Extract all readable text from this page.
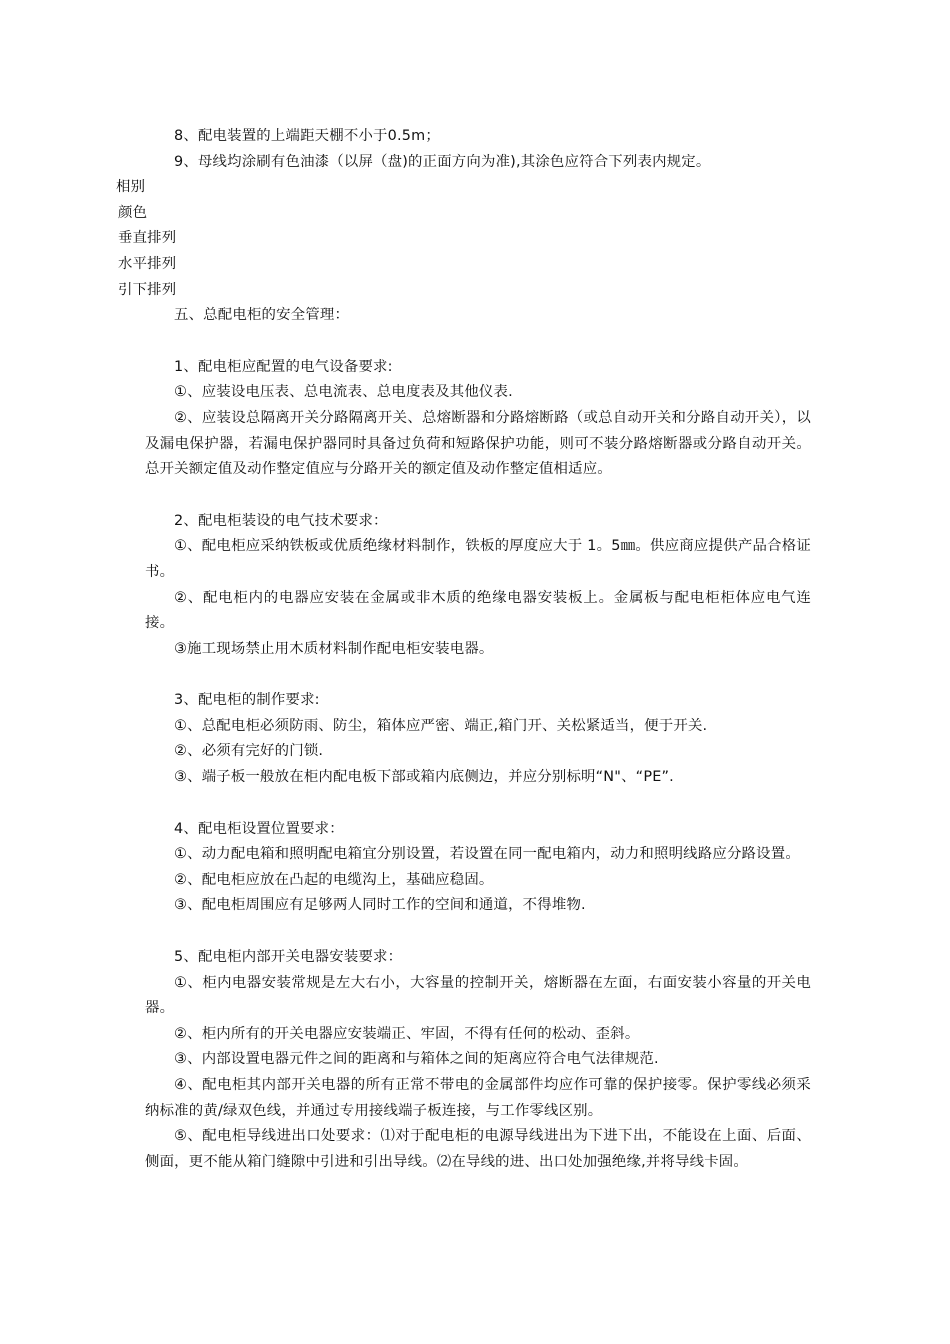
8、配电装置的上端距天棚不小于0.5m；

9、母线均涂刷有色油漆（以屏（盘)的正面方向为准),其涂色应符合下列表内规定。

相别

颜色

垂直排列

水平排列

引下排列

五、总配电柜的安全管理：

1、配电柜应配置的电气设备要求:

①、应装设电压表、总电流表、总电度表及其他仪表.

②、应装设总隔离开关分路隔离开关、总熔断器和分路熔断路（或总自动开关和分路自动开关），以及漏电保护器，若漏电保护器同时具备过负荷和短路保护功能，则可不装分路熔断器或分路自动开关。总开关额定值及动作整定值应与分路开关的额定值及动作整定值相适应。

2、配电柜装设的电气技术要求：

①、配电柜应采纳铁板或优质绝缘材料制作，铁板的厚度应大于 1。5㎜。供应商应提供产品合格证书。

②、配电柜内的电器应安装在金属或非木质的绝缘电器安装板上。金属板与配电柜柜体应电气连接。

③施工现场禁止用木质材料制作配电柜安装电器。

3、配电柜的制作要求:

①、总配电柜必须防雨、防尘，箱体应严密、端正,箱门开、关松紧适当，便于开关.

②、必须有完好的门锁.

③、端子板一般放在柜内配电板下部或箱内底侧边，并应分别标明“N"、“PE”.

4、配电柜设置位置要求：

①、动力配电箱和照明配电箱宜分别设置，若设置在同一配电箱内，动力和照明线路应分路设置。

②、配电柜应放在凸起的电缆沟上，基础应稳固。

③、配电柜周围应有足够两人同时工作的空间和通道，不得堆物.

5、配电柜内部开关电器安装要求：

①、柜内电器安装常规是左大右小，大容量的控制开关，熔断器在左面，右面安装小容量的开关电器。

②、柜内所有的开关电器应安装端正、牢固，不得有任何的松动、歪斜。

③、内部设置电器元件之间的距离和与箱体之间的矩离应符合电气法律规范.

④、配电柜其内部开关电器的所有正常不带电的金属部件均应作可靠的保护接零。保护零线必须采纳标准的黄/绿双色线，并通过专用接线端子板连接，与工作零线区别。

⑤、配电柜导线进出口处要求：⑴对于配电柜的电源导线进出为下进下出，不能设在上面、后面、侧面，更不能从箱门缝隙中引进和引出导线。⑵在导线的进、出口处加强绝缘,并将导线卡固。
